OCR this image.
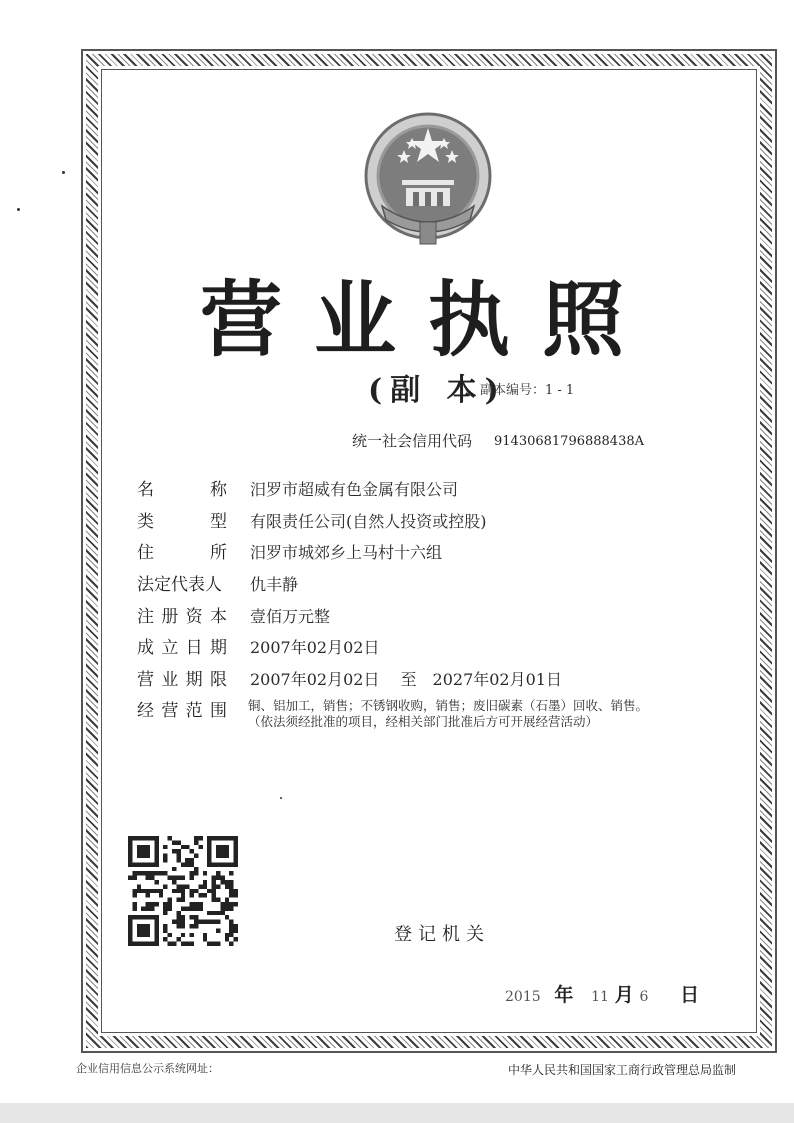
营业执照
(副 本)
副本编号：1 - 1
统一社会信用代码 91430681796888438A
名	称 汨罗市超威有色金属有限公司
类	型 有限责任公司(自然人投资或控股)
住	所 汨罗市城郊乡上马村十六组
法定代表人 仇丰静
注 册 资 本 壹佰万元整
成 立 日 期 2007年02月02日
营 业 期 限 2007年02月02日　 至　2027年02月01日
经 营 范 围 铜、铝加工，销售；不锈钢收购，销售；废旧碳素（石墨）回收、销售。（依法须经批准的项目，经相关部门批准后方可开展经营活动）
登记机关
2015 年 11 月 6 日
企业信用信息公示系统网址：	中华人民共和国国家工商行政管理总局监制
